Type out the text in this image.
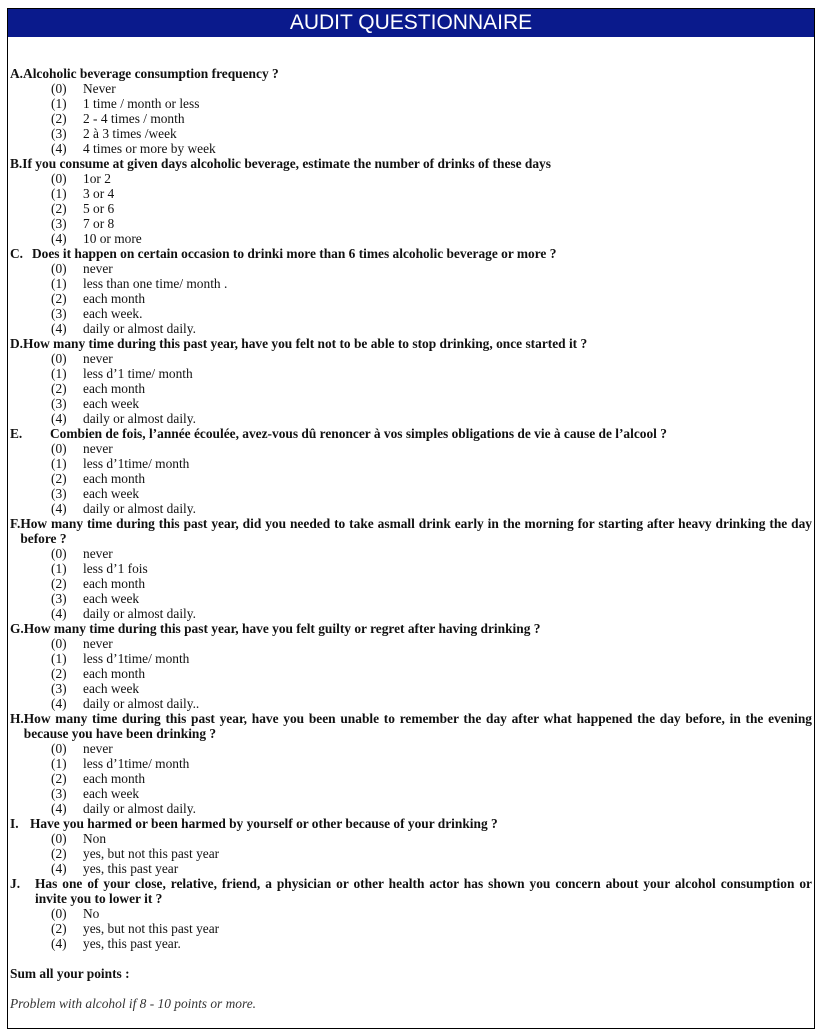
AUDIT QUESTIONNAIRE
A. Alcoholic beverage consumption frequency ?
(0)	Never
(1)	1 time / month or less
(2)	2 - 4 times / month
(3)	2 à 3 times /week
(4)	4 times or more by week
B. If you consume at given days alcoholic beverage, estimate the number of drinks of these days
(0)	1or 2
(1)	3 or 4
(2)	5 or 6
(3)	7 or 8
(4)	10 or more
C. Does it happen on certain occasion to drinki more than 6 times alcoholic beverage or more ?
(0)	never
(1)	less than one time/ month .
(2)	each month
(3)	each week.
(4)	daily or almost daily.
D. How many time during this past year, have you felt not to be able to stop drinking, once started it ?
(0)	never
(1)	less d’1 time/ month
(2)	each month
(3)	each week
(4)	daily or almost daily.
E.	Combien de fois, l’année écoulée, avez-vous dû renoncer à vos simples obligations de vie à cause de l’alcool ?
(0)	never
(1)	less d’1time/ month
(2)	each month
(3)	each week
(4)	daily or almost daily.
F. How many time during this past year, did you needed to take asmall drink early in the morning for starting after heavy drinking the day before ?
(0)	never
(1)	less d’1 fois
(2)	each month
(3)	each week
(4)	daily or almost daily.
G. How many time during this past year, have you felt guilty or regret after having drinking ?
(0)	never
(1)	less d’1time/ month
(2)	each month
(3)	each week
(4)	daily or almost daily..
H. How many time during this past year, have you been unable to remember the day after what happened the day before, in the evening because you have been drinking ?
(0)	never
(1)	less d’1time/ month
(2)	each month
(3)	each week
(4)	daily or almost daily.
I. Have you harmed or been harmed by yourself or other because of your drinking ?
(0)	Non
(2)	yes, but not this past year
(4)	yes, this past year
J.	Has one of your close, relative, friend, a physician or other health actor has shown you concern about your alcohol consumption or invite you to lower it ?
(0)	No
(2)	yes, but not this past year
(4)	yes, this past year.
Sum all your points :
Problem with alcohol if 8 - 10 points or more.
